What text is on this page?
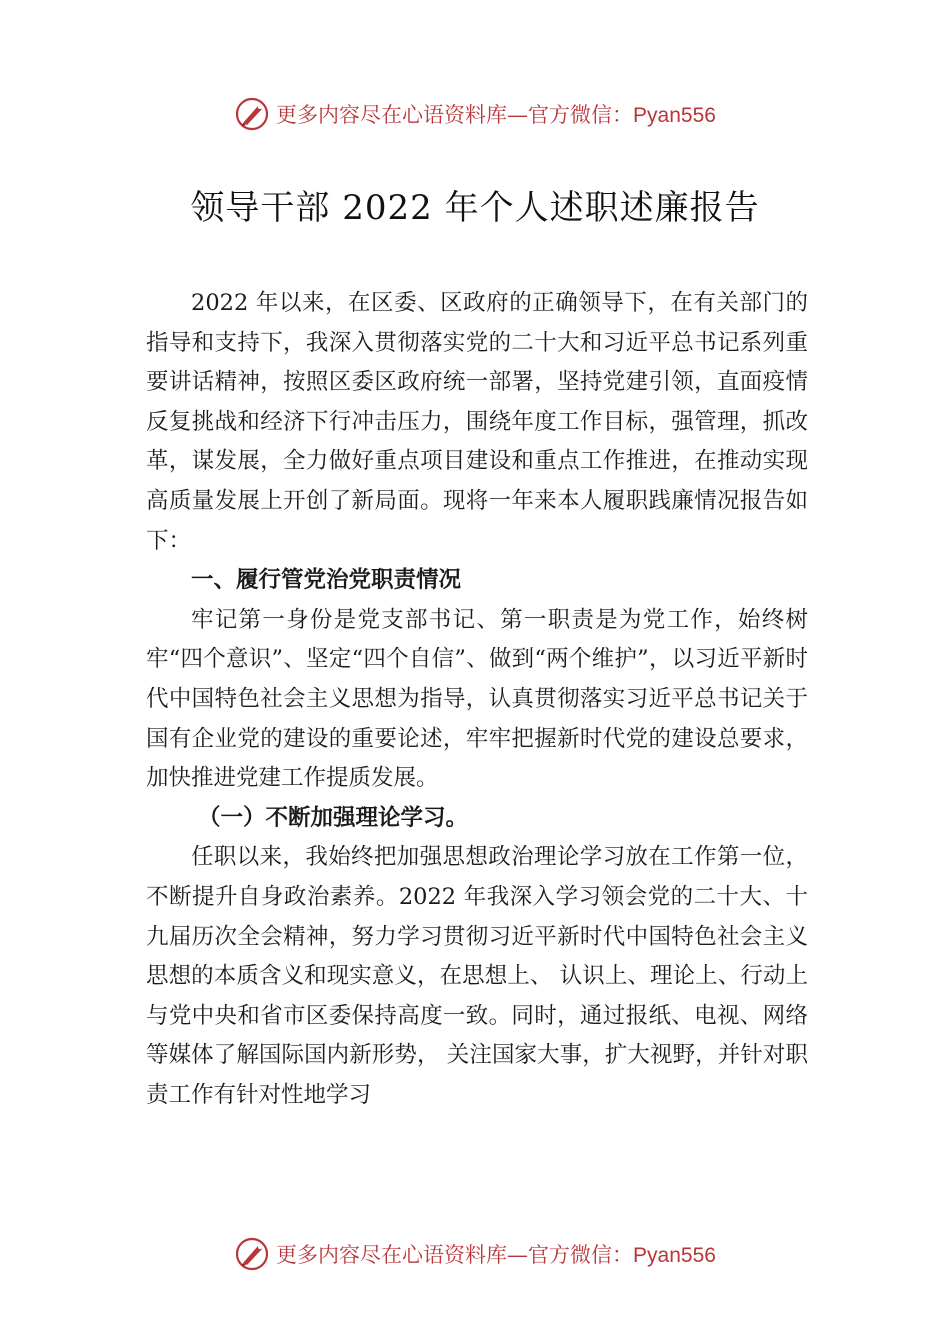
更多内容尽在心语资料库—官方微信：Pyan556
领导干部 2022 年个人述职述廉报告

2022 年以来，在区委、区政府的正确领导下，在有关部门的指导和支持下，我深入贯彻落实党的二十大和习近平总书记系列重要讲话精神，按照区委区政府统一部署，坚持党建引领，直面疫情反复挑战和经济下行冲击压力，围绕年度工作目标，强管理，抓改革，谋发展，全力做好重点项目建设和重点工作推进，在推动实现高质量发展上开创了新局面。现将一年来本人履职践廉情况报告如下：

一、履行管党治党职责情况

牢记第一身份是党支部书记、第一职责是为党工作，始终树牢“四个意识”、坚定“四个自信”、做到“两个维护”，以习近平新时代中国特色社会主义思想为指导，认真贯彻落实习近平总书记关于国有企业党的建设的重要论述，牢牢把握新时代党的建设总要求，加快推进党建工作提质发展。

（一）不断加强理论学习。

任职以来，我始终把加强思想政治理论学习放在工作第一位，不断提升自身政治素养。2022 年我深入学习领会党的二十大、十九届历次全会精神，努力学习贯彻习近平新时代中国特色社会主义思想的本质含义和现实意义，在思想上、 认识上、理论上、行动上与党中央和省市区委保持高度一致。同时，通过报纸、电视、网络等媒体了解国际国内新形势， 关注国家大事，扩大视野，并针对职责工作有针对性地学习

更多内容尽在心语资料库—官方微信：Pyan556
